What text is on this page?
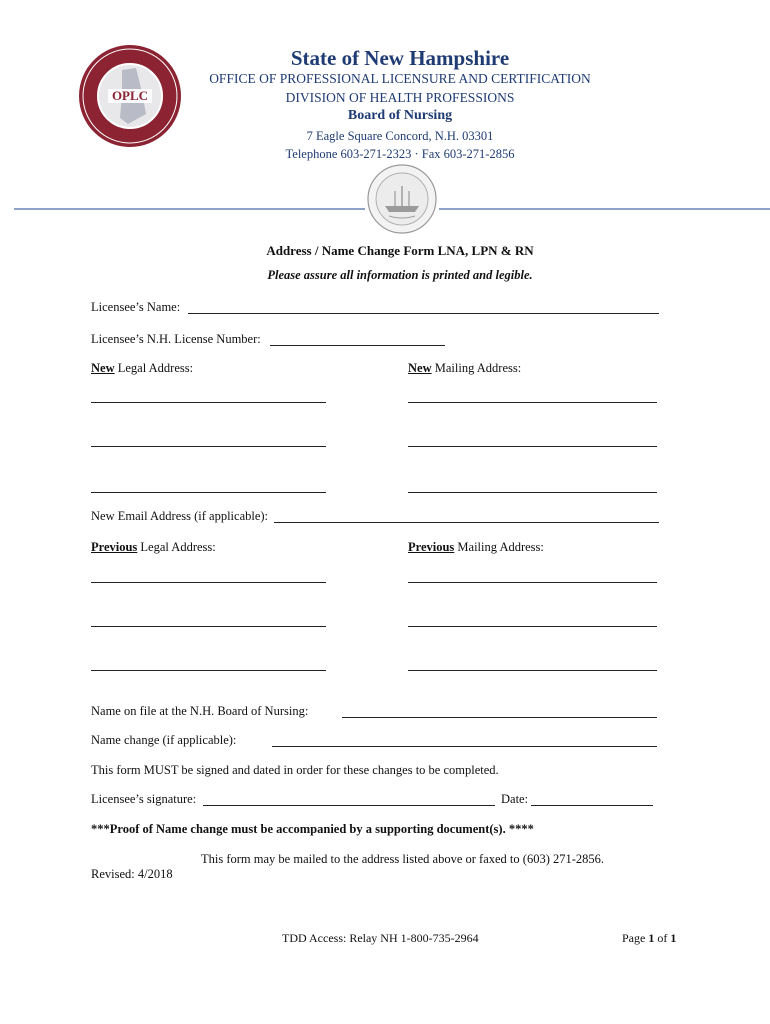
OPLC
State of New Hampshire
OFFICE OF PROFESSIONAL LICENSURE AND CERTIFICATION
DIVISION OF HEALTH PROFESSIONS
Board of Nursing
7 Eagle Square Concord, N.H. 03301
Telephone 603-271-2323 · Fax 603-271-2856
Address / Name Change Form LNA, LPN & RN
Please assure all information is printed and legible.
Licensee’s Name:
Licensee’s N.H. License Number:
New Legal Address:	New Mailing Address:
New Email Address (if applicable):
Previous Legal Address:	Previous Mailing Address:
Name on file at the N.H. Board of Nursing:
Name change (if applicable):
This form MUST be signed and dated in order for these changes to be completed.
Licensee’s signature:	Date:
***Proof of Name change must be accompanied by a supporting document(s). ****
This form may be mailed to the address listed above or faxed to (603) 271-2856.
Revised: 4/2018
TDD Access: Relay NH 1-800-735-2964	Page 1 of 1
